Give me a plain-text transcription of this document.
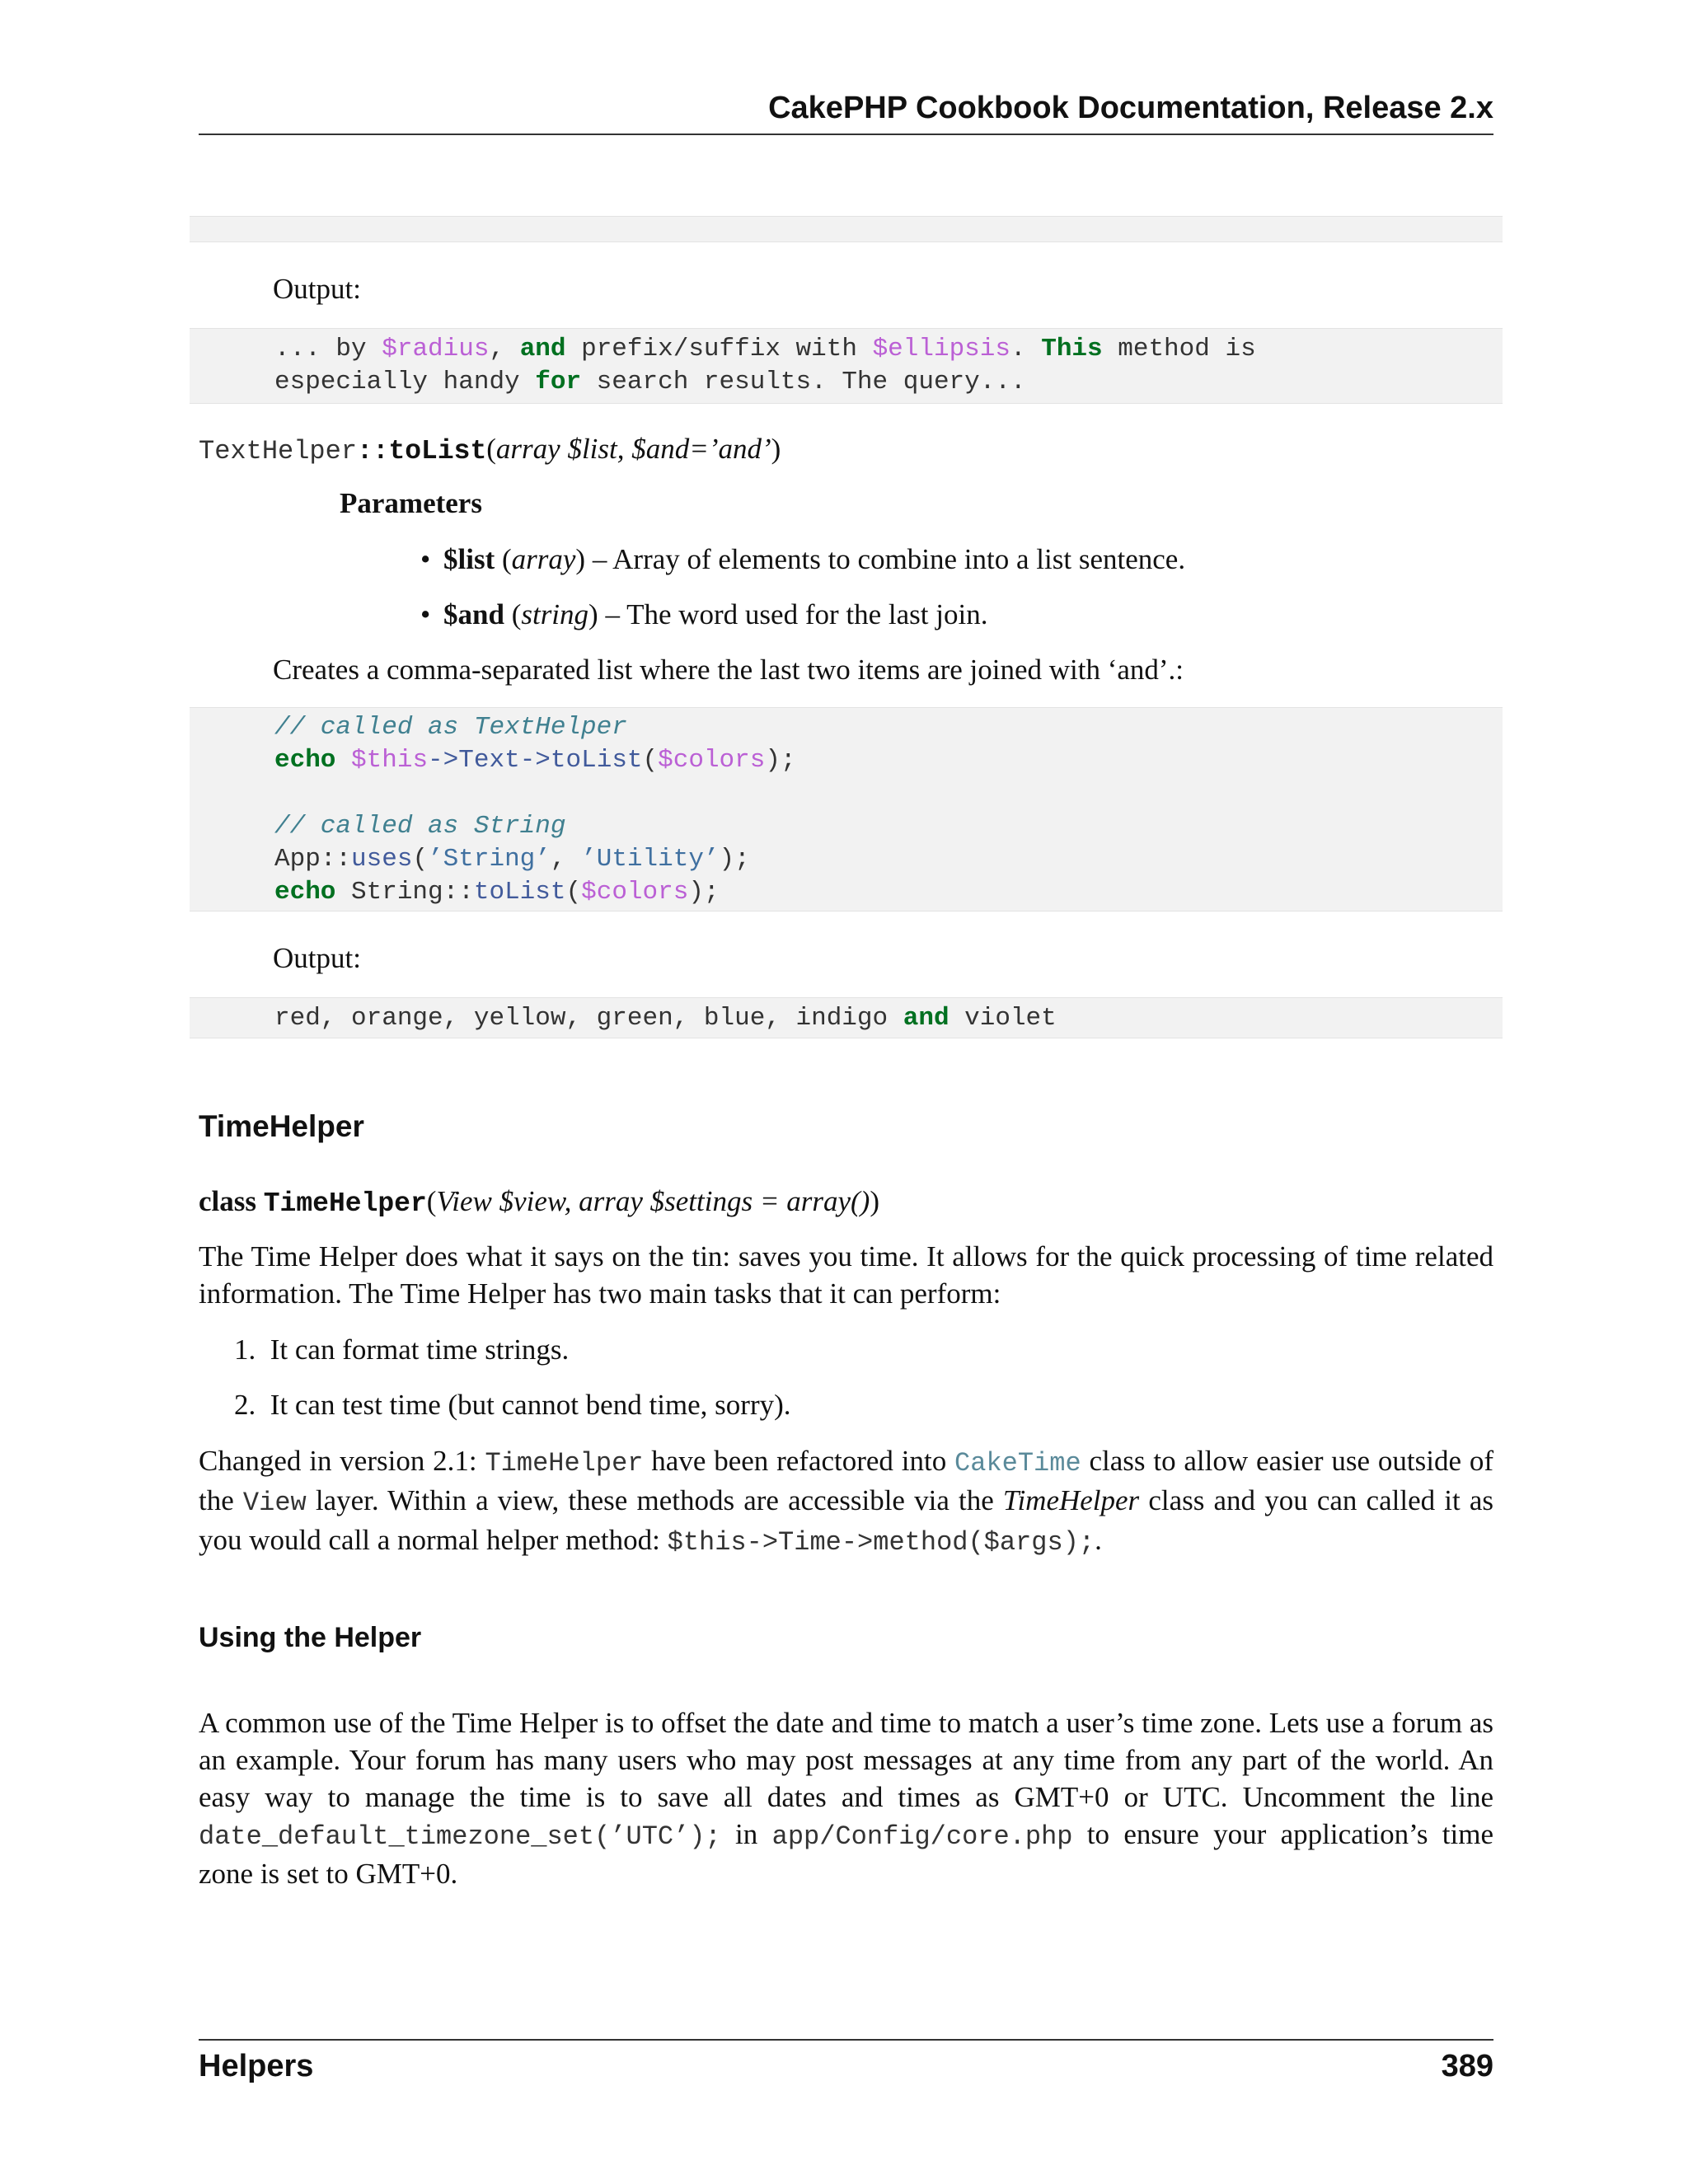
CakePHP Cookbook Documentation, Release 2.x
Output:
... by $radius, and prefix/suffix with $ellipsis. This method is
especially handy for search results. The query...
TextHelper::toList(array $list, $and=’and’)
Parameters
• $list (array) – Array of elements to combine into a list sentence.
• $and (string) – The word used for the last join.
Creates a comma-separated list where the last two items are joined with ‘and’.:
// called as TextHelper
echo $this->Text->toList($colors);

// called as String
App::uses(’String’, ’Utility’);
echo String::toList($colors);
Output:
red, orange, yellow, green, blue, indigo and violet
TimeHelper
class TimeHelper(View $view, array $settings = array())
The Time Helper does what it says on the tin: saves you time. It allows for the quick processing of time related information. The Time Helper has two main tasks that it can perform:
1. It can format time strings.
2. It can test time (but cannot bend time, sorry).
Changed in version 2.1: TimeHelper have been refactored into CakeTime class to allow easier use outside of the View layer. Within a view, these methods are accessible via the TimeHelper class and you can called it as you would call a normal helper method: $this->Time->method($args);.
Using the Helper
A common use of the Time Helper is to offset the date and time to match a user’s time zone. Lets use a forum as an example. Your forum has many users who may post messages at any time from any part of the world. An easy way to manage the time is to save all dates and times as GMT+0 or UTC. Uncomment the line date_default_timezone_set(’UTC’); in app/Config/core.php to ensure your application’s time zone is set to GMT+0.
Helpers	389
